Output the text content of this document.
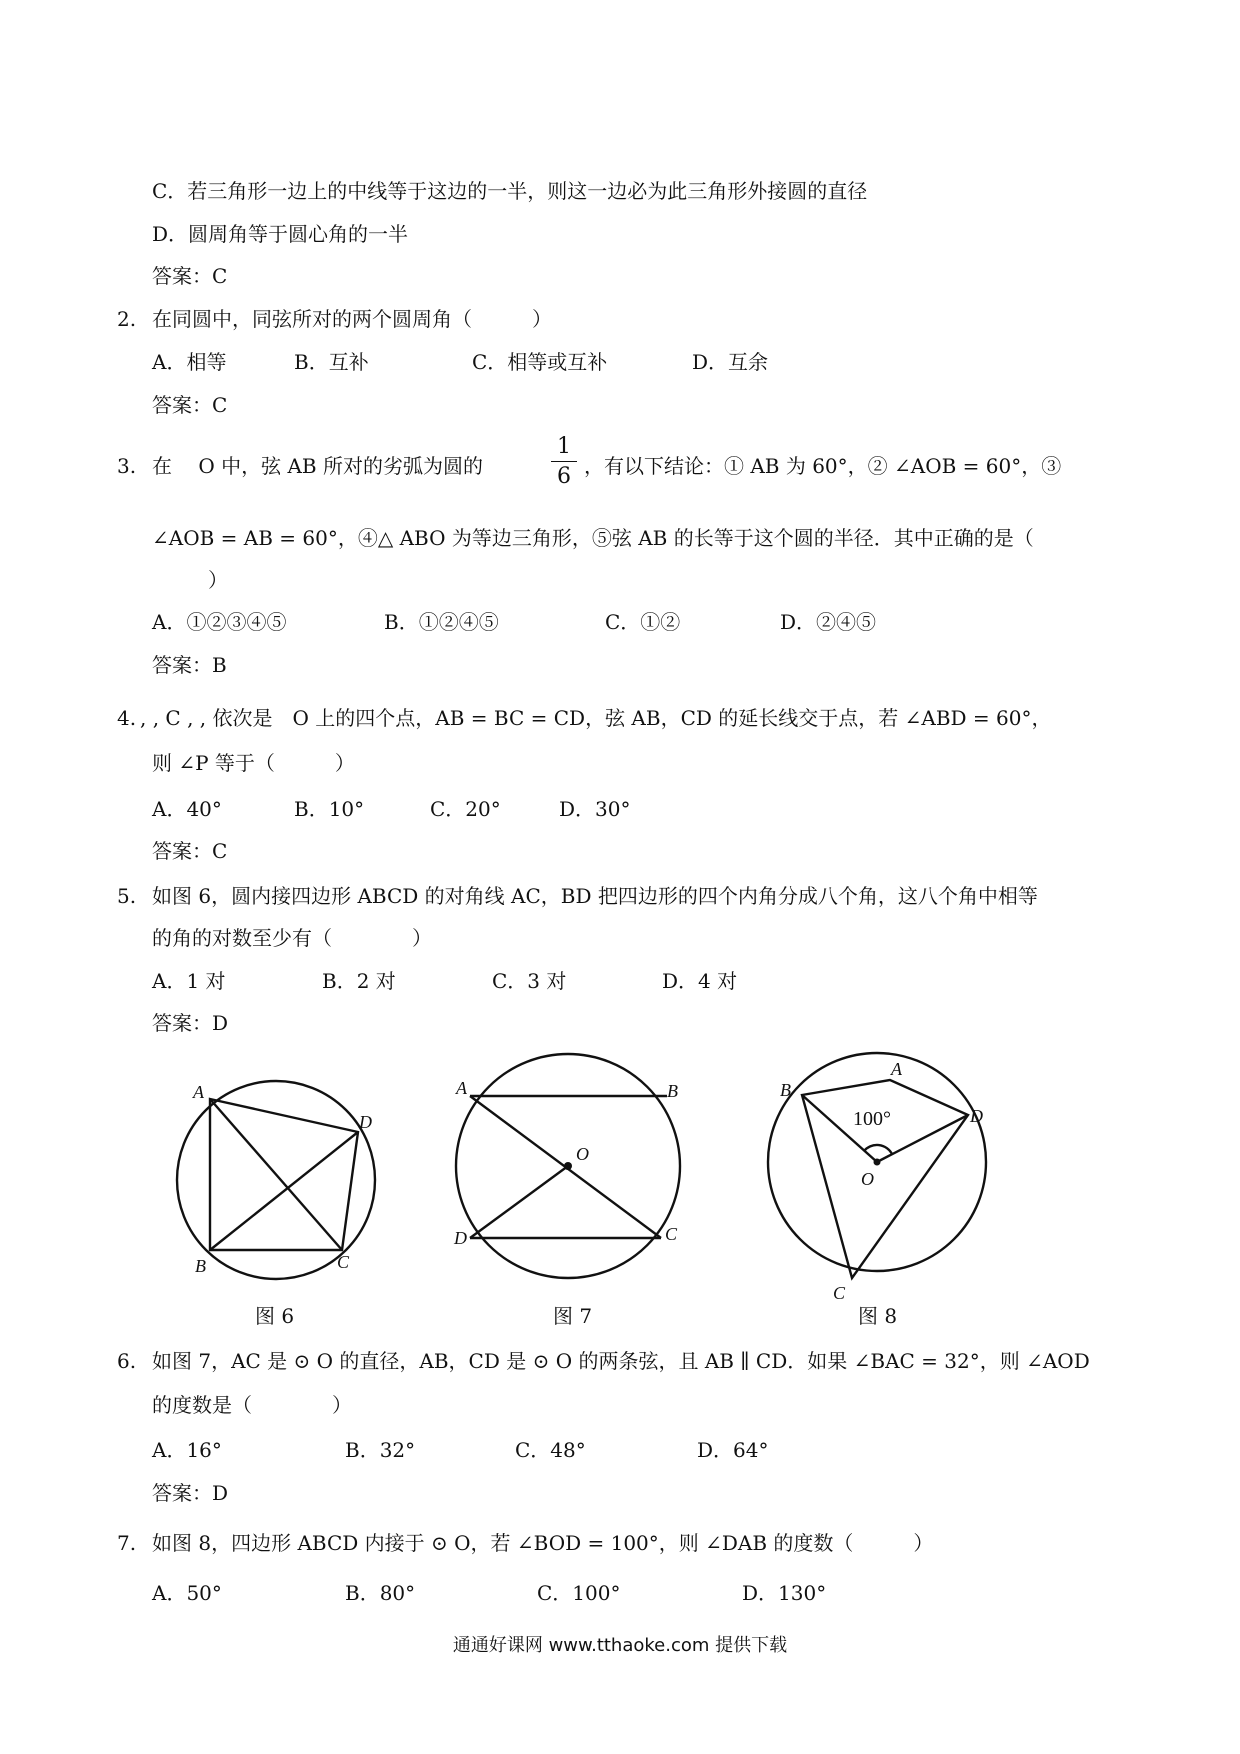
C．若三角形一边上的中线等于这边的一半，则这一边必为此三角形外接圆的直径
D．圆周角等于圆心角的一半
答案：C
2. 在同圆中，同弦所对的两个圆周角（　　　）
A．相等	B．互补	C．相等或互补	D．互余
答案：C
3. 在　 O 中，弦 AB 所对的劣弧为圆的
1
6 ，有以下结论：① AB 为 60°，② ∠AOB = 60°，③
∠AOB = AB = 60°，④△ ABO 为等边三角形，⑤弦 AB 的长等于这个圆的半径．其中正确的是（
）
A．①②③④⑤	B．①②④⑤	C．①②	D．②④⑤
答案：B
4. , , C , , 依次是　O 上的四个点，AB = BC = CD，弦 AB，CD 的延长线交于点，若 ∠ABD = 60°，
则 ∠P 等于（　　　）
A．40°	B．10°	C．20°	D．30°
答案：C
5. 如图 6，圆内接四边形 ABCD 的对角线 AC，BD 把四边形的四个内角分成八个角，这八个角中相等
的角的对数至少有（　　　　）
A．1 对	B．2 对	C．3 对	D．4 对
答案：D
A
B	C
D
A	B
C
D
O
A
B
C
D
O
100°
图 6	图 7	图 8
6. 如图 7，AC 是 ⊙ O 的直径，AB，CD 是 ⊙ O 的两条弦，且 AB ∥ CD．如果 ∠BAC = 32°，则 ∠AOD
的度数是（　　　　）
A．16°	B．32°	C．48°	D．64°
答案：D
7. 如图 8，四边形 ABCD 内接于 ⊙ O，若 ∠BOD = 100°，则 ∠DAB 的度数（　　　）
A．50°	B．80°	C．100°	D．130°
通通好课网 www.tthaoke.com 提供下载
